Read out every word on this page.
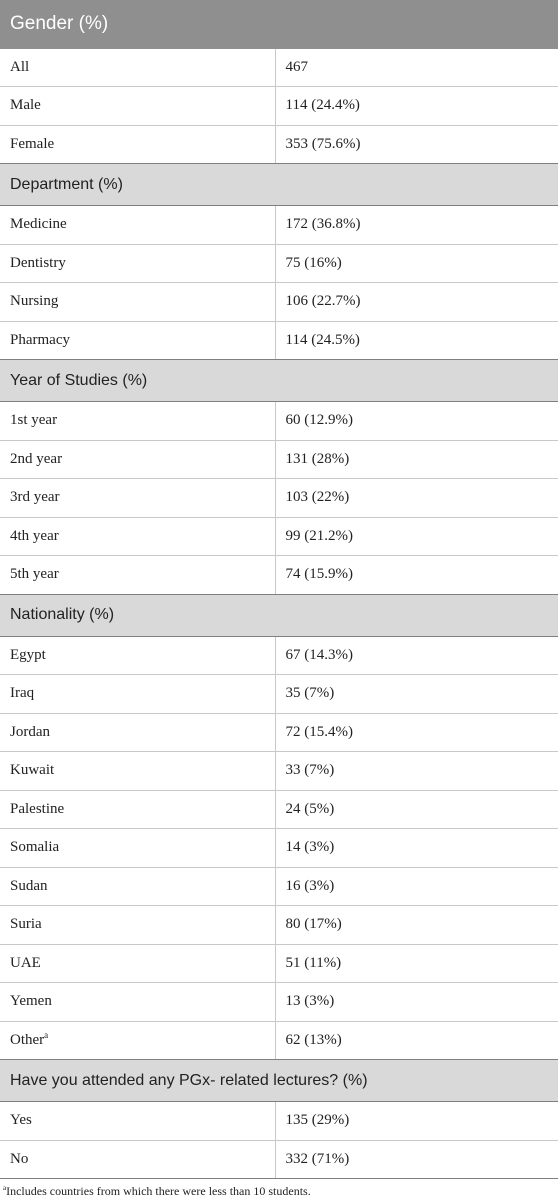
Gender (%)	
All	467
Male	114 (24.4%)
Female	353 (75.6%)
Department (%)	
Medicine	172 (36.8%)
Dentistry	75 (16%)
Nursing	106 (22.7%)
Pharmacy	114 (24.5%)
Year of Studies (%)	
1st year	60 (12.9%)
2nd year	131 (28%)
3rd year	103 (22%)
4th year	99 (21.2%)
5th year	74 (15.9%)
Nationality (%)	
Egypt	67 (14.3%)
Iraq	35 (7%)
Jordan	72 (15.4%)
Kuwait	33 (7%)
Palestine	24 (5%)
Somalia	14 (3%)
Sudan	16 (3%)
Suria	80 (17%)
UAE	51 (11%)
Yemen	13 (3%)
Other$^a$	62 (13%)
Have you attended any PGx- related lectures? (%)	
Yes	135 (29%)
No	332 (71%)

$^a$Includes countries from which there were less than 10 students.
